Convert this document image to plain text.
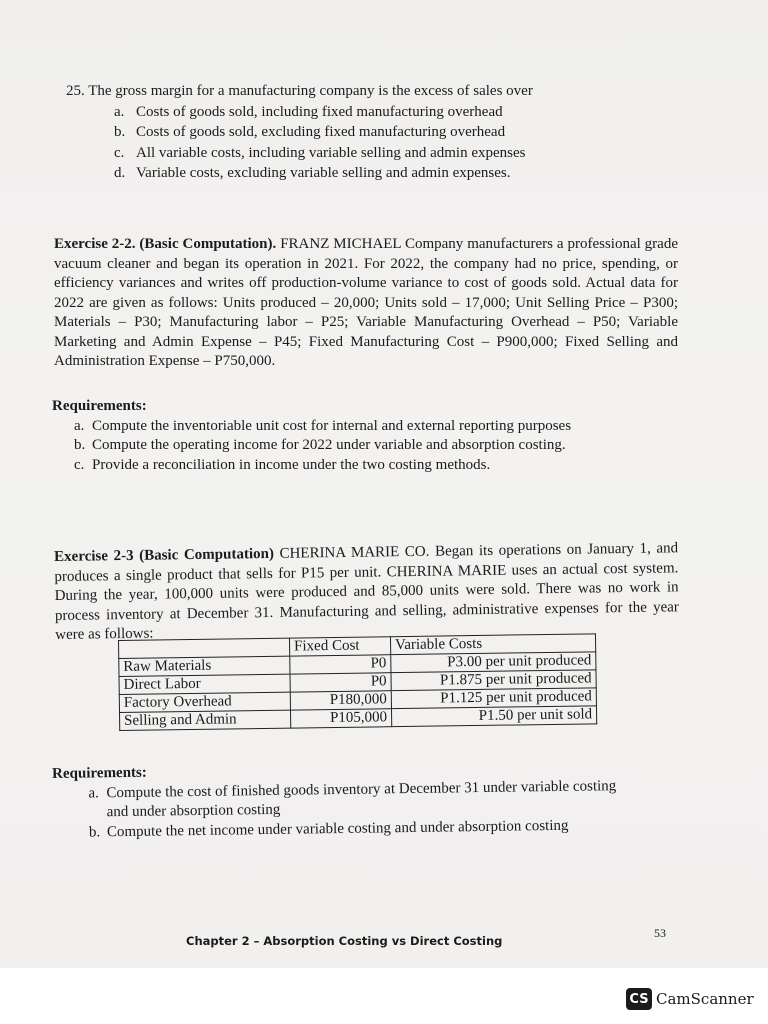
25. The gross margin for a manufacturing company is the excess of sales over
a. Costs of goods sold, including fixed manufacturing overhead
b. Costs of goods sold, excluding fixed manufacturing overhead
c. All variable costs, including variable selling and admin expenses
d. Variable costs, excluding variable selling and admin expenses.
Exercise 2-2. (Basic Computation). FRANZ MICHAEL Company manufacturers a professional grade vacuum cleaner and began its operation in 2021. For 2022, the company had no price, spending, or efficiency variances and writes off production-volume variance to cost of goods sold. Actual data for 2022 are given as follows: Units produced – 20,000; Units sold – 17,000; Unit Selling Price – P300; Materials – P30; Manufacturing labor – P25; Variable Manufacturing Overhead – P50; Variable Marketing and Admin Expense – P45; Fixed Manufacturing Cost – P900,000; Fixed Selling and Administration Expense – P750,000.
Requirements:
a. Compute the inventoriable unit cost for internal and external reporting purposes
b. Compute the operating income for 2022 under variable and absorption costing.
c. Provide a reconciliation in income under the two costing methods.
Exercise 2-3 (Basic Computation) CHERINA MARIE CO. Began its operations on January 1, and produces a single product that sells for P15 per unit. CHERINA MARIE uses an actual cost system. During the year, 100,000 units were produced and 85,000 units were sold. There was no work in process inventory at December 31. Manufacturing and selling, administrative expenses for the year were as follows:
	Fixed Cost	Variable Costs
Raw Materials	P0	P3.00 per unit produced
Direct Labor	P0	P1.875 per unit produced
Factory Overhead	P180,000	P1.125 per unit produced
Selling and Admin	P105,000	P1.50 per unit sold
Requirements:
a. Compute the cost of finished goods inventory at December 31 under variable costing
and under absorption costing
b. Compute the net income under variable costing and under absorption costing
53
Chapter 2 – Absorption Costing vs Direct Costing
CS CamScanner
